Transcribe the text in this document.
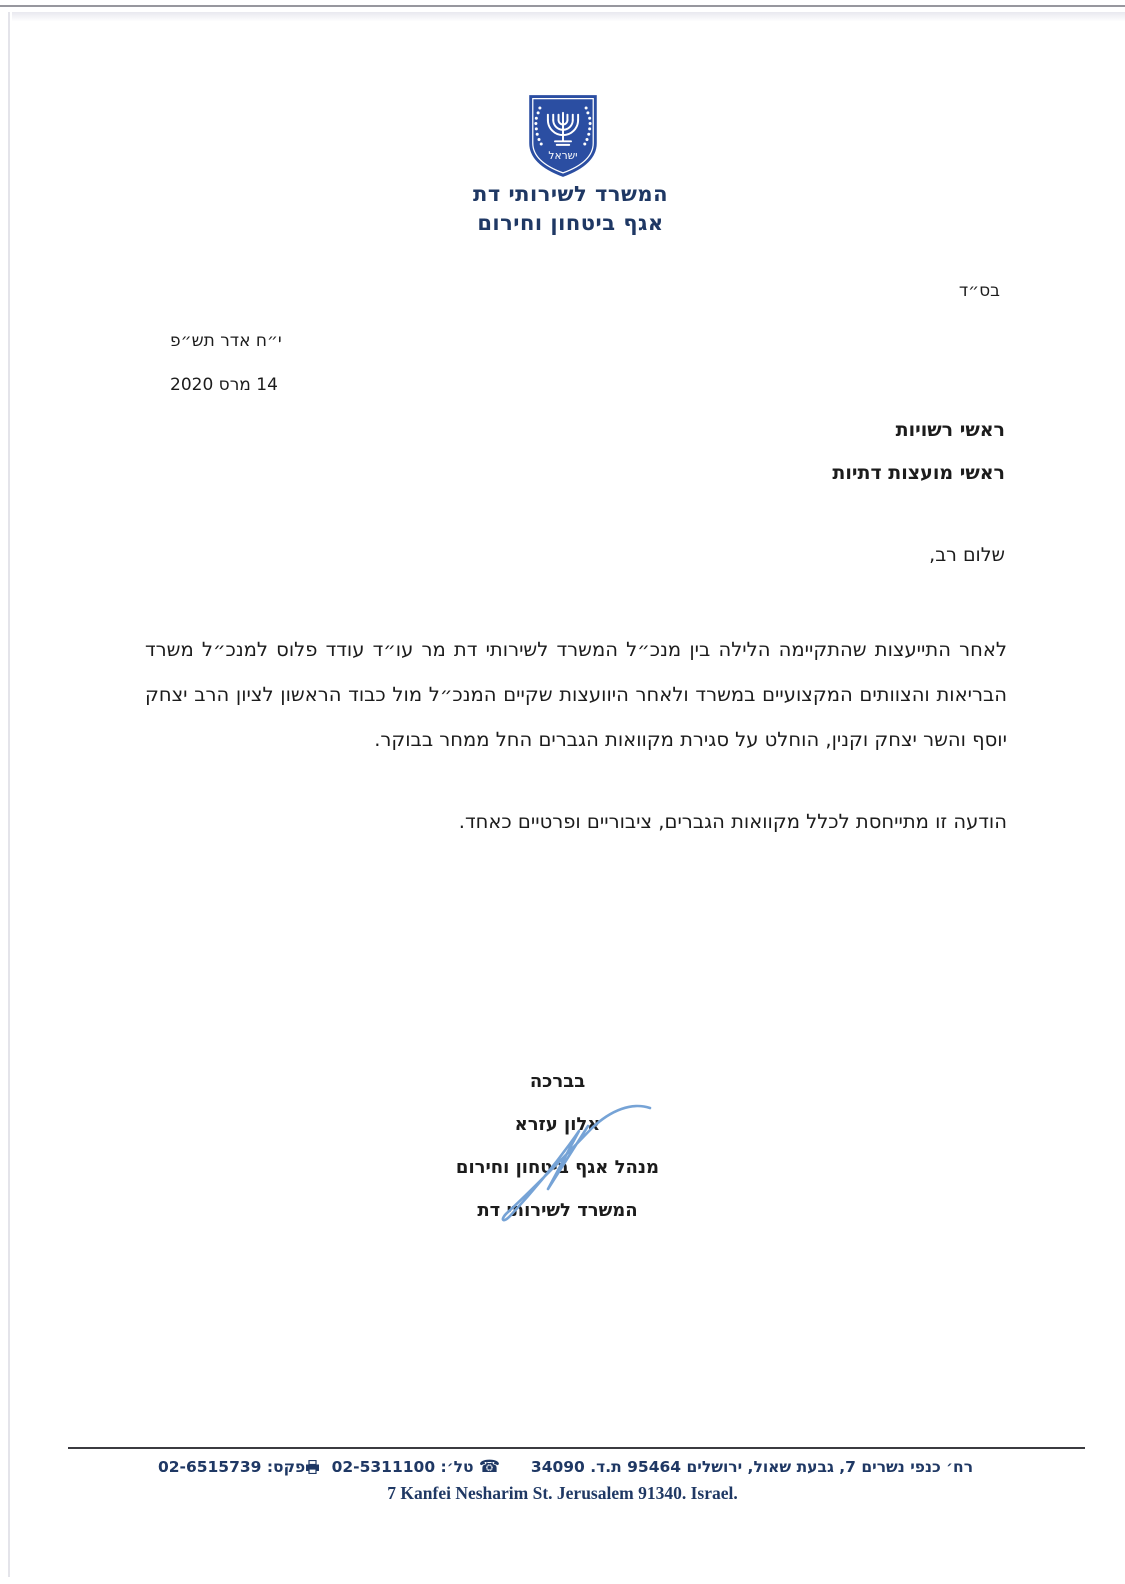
ישראל
המשרד לשירותי דת
אגף ביטחון וחירום
בס״ד
י״ח אדר תש״פ
14 מרס 2020
ראשי רשויות
ראשי מועצות דתיות
שלום רב,
לאחר התייעצות שהתקיימה הלילה בין מנכ״ל המשרד לשירותי דת מר עו״ד עודד פלוס למנכ״ל משרד הבריאות והצוותים המקצועיים במשרד ולאחר היוועצות שקיים המנכ״ל מול כבוד הראשון לציון הרב יצחק יוסף והשר יצחק וקנין, הוחלט על סגירת מקוואות הגברים החל ממחר בבוקר.
הודעה זו מתייחסת לכלל מקוואות הגברים, ציבוריים ופרטיים כאחד.
בברכה
אלון עזרא
מנהל אגף ביטחון וחירום
המשרד לשירותי דת
רח׳ כנפי נשרים 7, גבעת שאול, ירושלים 95464 ת.ד. 34090  ☎ טל׳: 02-5311100 פקס: 02-6515739
7 Kanfei Nesharim St. Jerusalem 91340. Israel.
